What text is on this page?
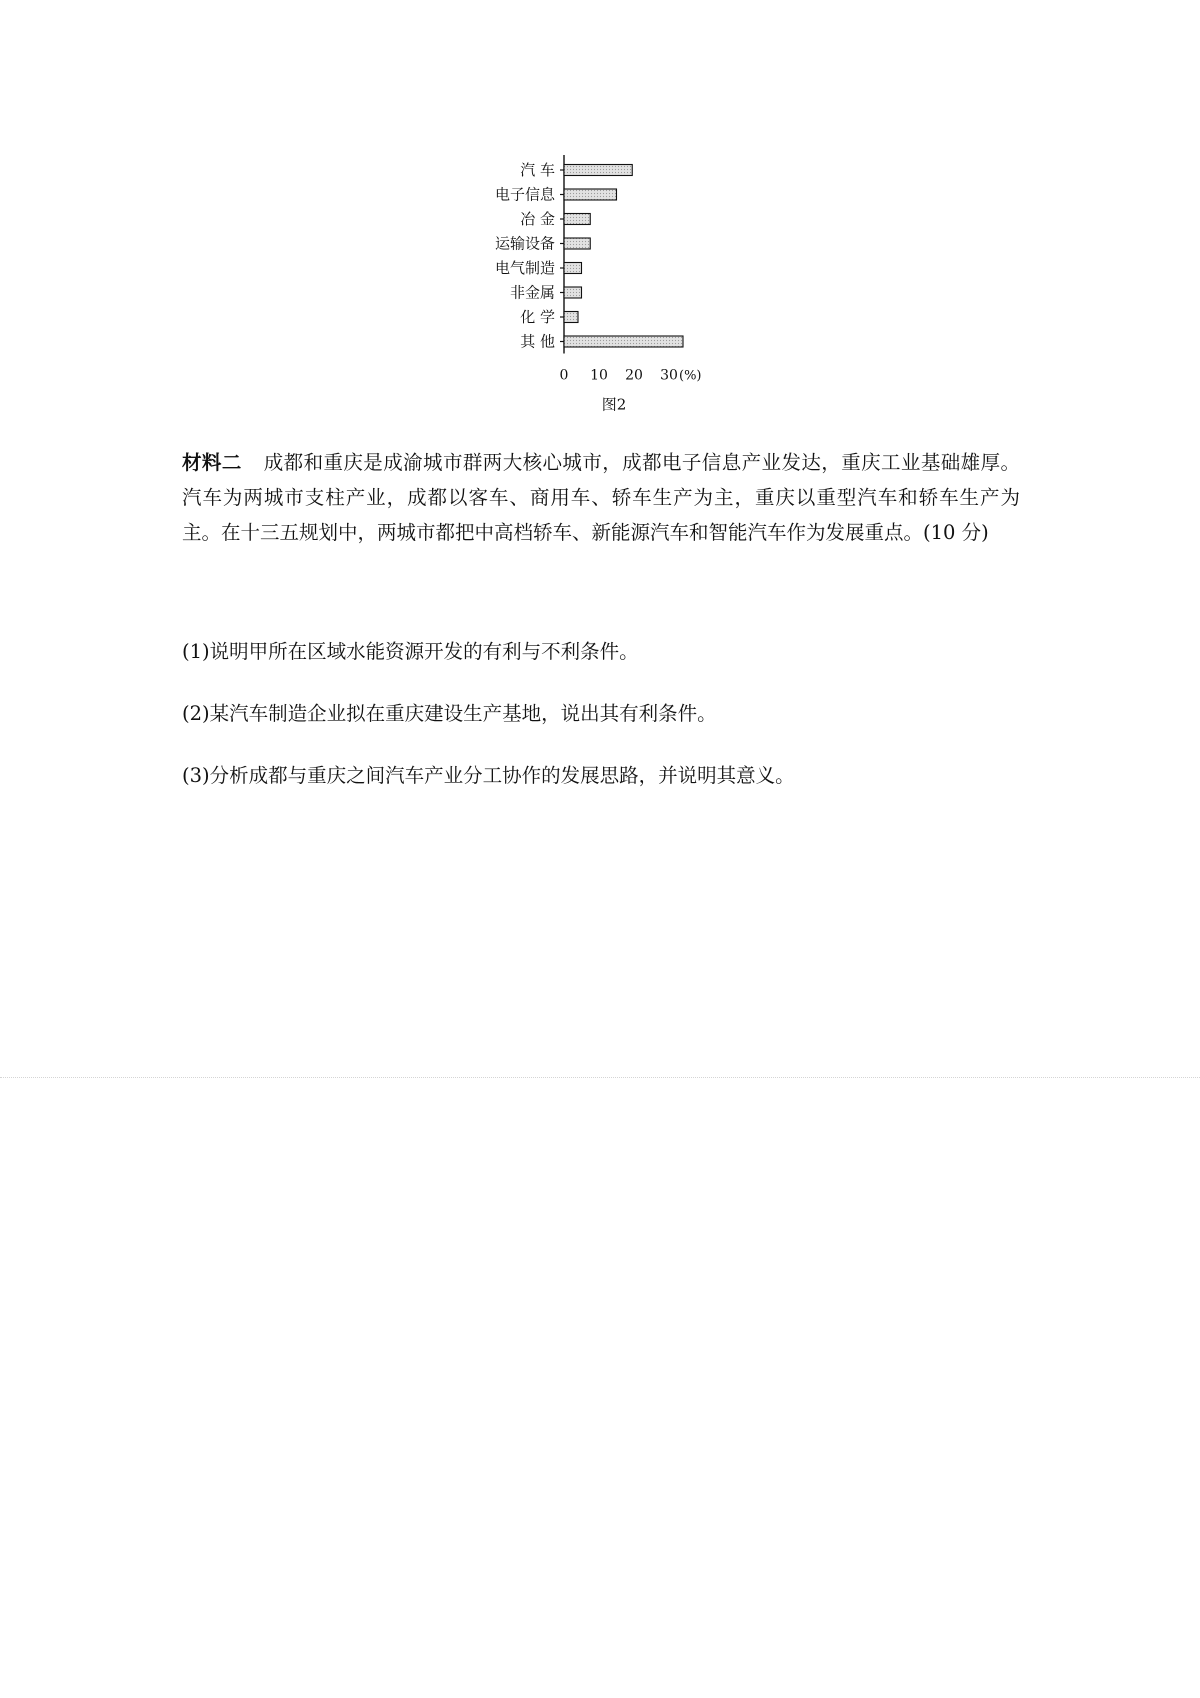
汽 车
电子信息
冶 金
运输设备
电气制造
非金属
化 学
其 他
0 10 20 30 (%)
图2
材料二 成都和重庆是成渝城市群两大核心城市，成都电子信息产业发达，重庆工业基础雄厚。汽车为两城市支柱产业，成都以客车、商用车、轿车生产为主，重庆以重型汽车和轿车生产为主。在十三五规划中，两城市都把中高档轿车、新能源汽车和智能汽车作为发展重点。(10 分)
(1)说明甲所在区域水能资源开发的有利与不利条件。
(2)某汽车制造企业拟在重庆建设生产基地，说出其有利条件。
(3)分析成都与重庆之间汽车产业分工协作的发展思路，并说明其意义。
